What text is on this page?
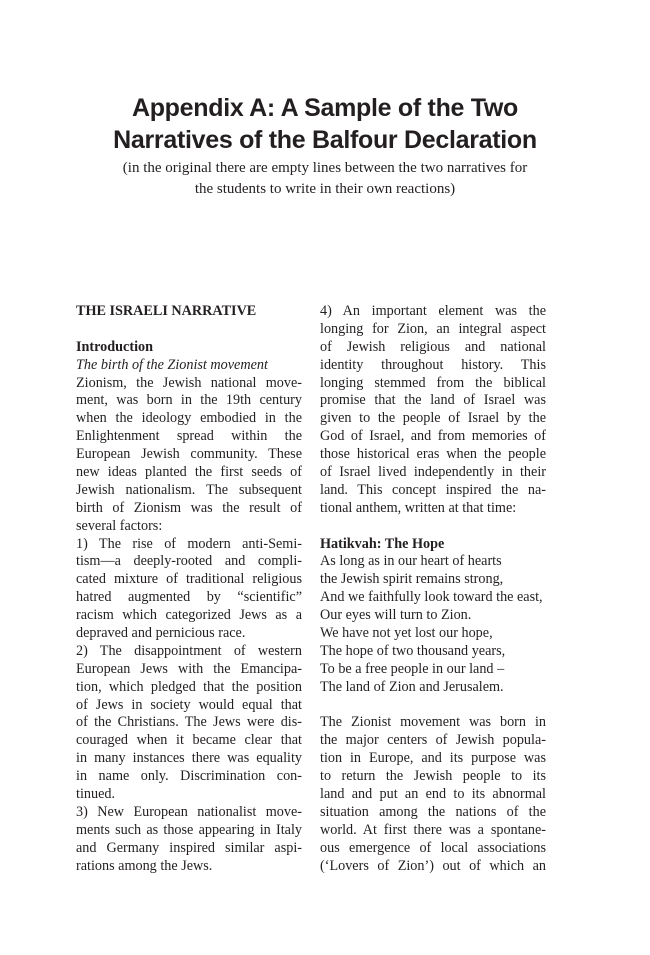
Appendix A: A Sample of the Two
Narratives of the Balfour Declaration
(in the original there are empty lines between the two narratives for
the students to write in their own reactions)
THE ISRAELI NARRATIVE
Introduction
The birth of the Zionist movement
Zionism, the Jewish national move-
ment, was born in the 19th century
when the ideology embodied in the
Enlightenment spread within the
European Jewish community. These
new ideas planted the first seeds of
Jewish nationalism. The subsequent
birth of Zionism was the result of
several factors:
1) The rise of modern anti-Semi-
tism—a deeply-rooted and compli-
cated mixture of traditional religious
hatred augmented by “scientific”
racism which categorized Jews as a
depraved and pernicious race.
2) The disappointment of western
European Jews with the Emancipa-
tion, which pledged that the position
of Jews in society would equal that
of the Christians. The Jews were dis-
couraged when it became clear that
in many instances there was equality
in name only. Discrimination con-
tinued.
3) New European nationalist move-
ments such as those appearing in Italy
and Germany inspired similar aspi-
rations among the Jews.
4) An important element was the
longing for Zion, an integral aspect
of Jewish religious and national
identity throughout history. This
longing stemmed from the biblical
promise that the land of Israel was
given to the people of Israel by the
God of Israel, and from memories of
those historical eras when the people
of Israel lived independently in their
land. This concept inspired the na-
tional anthem, written at that time:
Hatikvah: The Hope
As long as in our heart of hearts
the Jewish spirit remains strong,
And we faithfully look toward the east,
Our eyes will turn to Zion.
We have not yet lost our hope,
The hope of two thousand years,
To be a free people in our land –
The land of Zion and Jerusalem.
The Zionist movement was born in
the major centers of Jewish popula-
tion in Europe, and its purpose was
to return the Jewish people to its
land and put an end to its abnormal
situation among the nations of the
world. At first there was a spontane-
ous emergence of local associations
(‘Lovers of Zion’) out of which an
